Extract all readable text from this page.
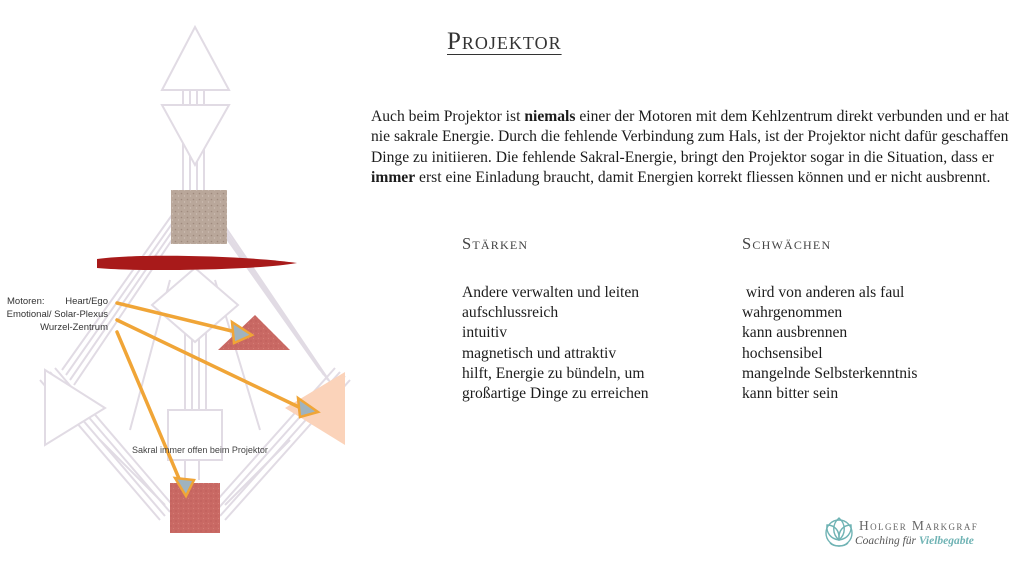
Motoren: Heart/Ego
Emotional/ Solar-Plexus
Wurzel-Zentrum
Sakral immer offen beim Projektor
Projektor
Auch beim Projektor ist niemals einer der Motoren mit dem Kehlzentrum direkt verbunden und er hat nie sakrale Energie. Durch die fehlende Verbindung zum Hals, ist der Projektor nicht dafür geschaffen Dinge zu initiieren. Die fehlende Sakral-Energie, bringt den Projektor sogar in die Situation, dass er immer erst eine Einladung braucht, damit Energien korrekt fliessen können und er nicht ausbrennt.
Stärken
Andere verwalten und leiten
aufschlussreich
intuitiv
magnetisch und attraktiv
hilft, Energie zu bündeln, um
großartige Dinge zu erreichen
Schwächen
wird von anderen als faul
wahrgenommen
kann ausbrennen
hochsensibel
mangelnde Selbsterkenntnis
kann bitter sein
Holger Markgraf
Coaching für Vielbegabte
